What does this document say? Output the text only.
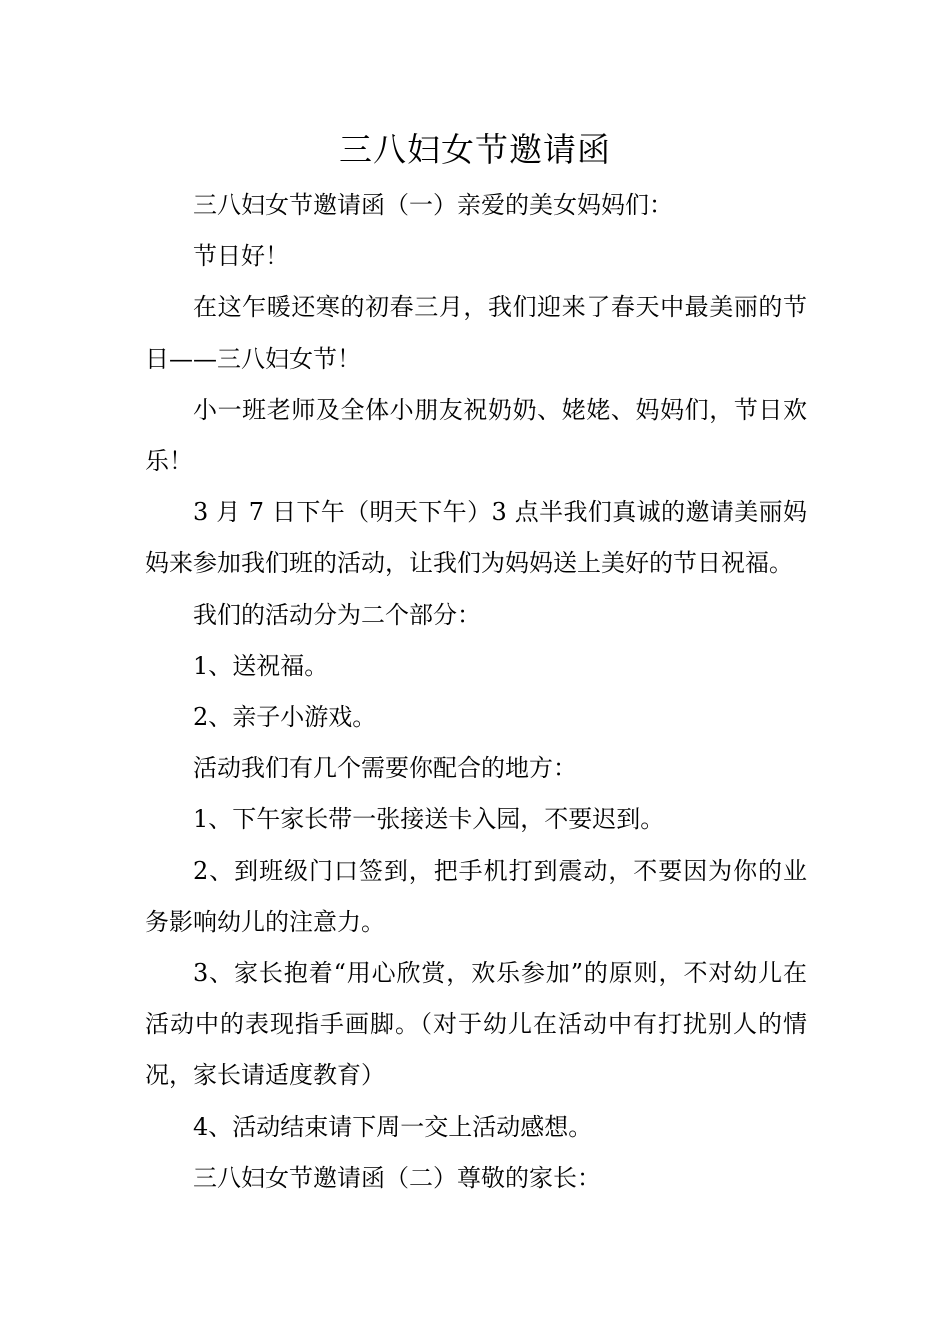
三八妇女节邀请函

三八妇女节邀请函（一）亲爱的美女妈妈们：

节日好！

在这乍暖还寒的初春三月，我们迎来了春天中最美丽的节日——三八妇女节！

小一班老师及全体小朋友祝奶奶、姥姥、妈妈们，节日欢乐！

3 月 7 日下午（明天下午）3 点半我们真诚的邀请美丽妈妈来参加我们班的活动，让我们为妈妈送上美好的节日祝福。

我们的活动分为二个部分：

1、送祝福。

2、亲子小游戏。

活动我们有几个需要你配合的地方：

1、下午家长带一张接送卡入园，不要迟到。

2、到班级门口签到，把手机打到震动，不要因为你的业务影响幼儿的注意力。

3、家长抱着“用心欣赏，欢乐参加”的原则，不对幼儿在活动中的表现指手画脚。（对于幼儿在活动中有打扰别人的情况，家长请适度教育）

4、活动结束请下周一交上活动感想。

三八妇女节邀请函（二）尊敬的家长：
